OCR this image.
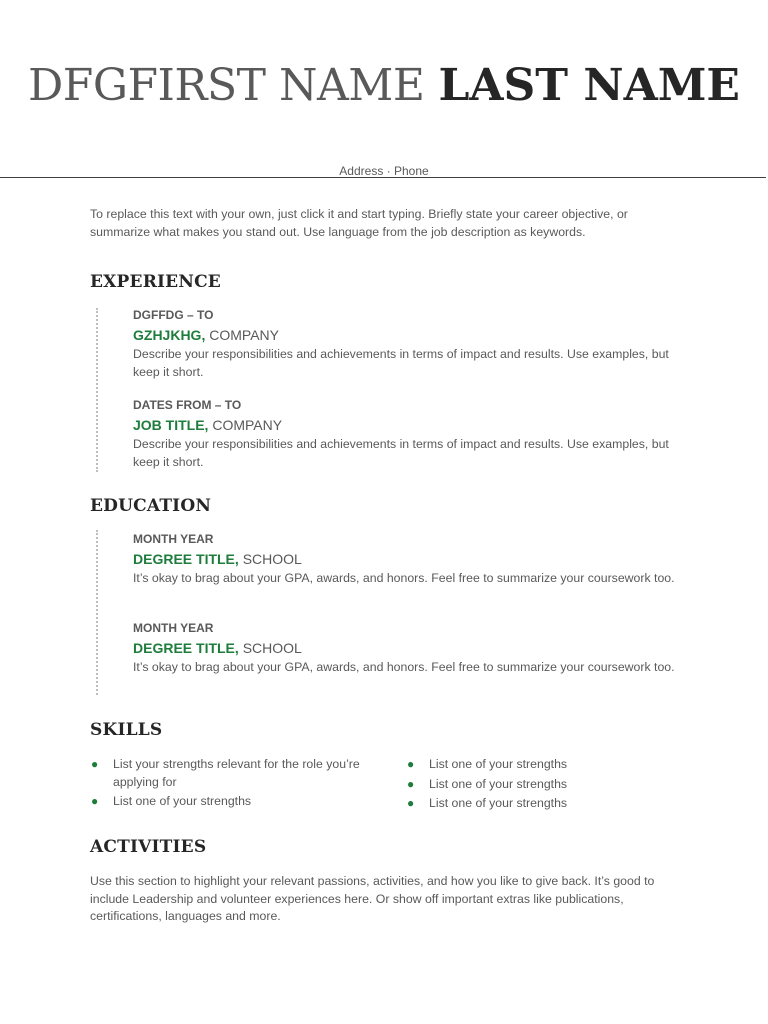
DFGFIRST NAME LAST NAME
Address · Phone
To replace this text with your own, just click it and start typing. Briefly state your career objective, or summarize what makes you stand out. Use language from the job description as keywords.
EXPERIENCE
DGFFDG – TO
GZHJKHG, COMPANY
Describe your responsibilities and achievements in terms of impact and results. Use examples, but keep it short.
DATES FROM – TO
JOB TITLE, COMPANY
Describe your responsibilities and achievements in terms of impact and results. Use examples, but keep it short.
EDUCATION
MONTH YEAR
DEGREE TITLE, SCHOOL
It’s okay to brag about your GPA, awards, and honors. Feel free to summarize your coursework too.
MONTH YEAR
DEGREE TITLE, SCHOOL
It’s okay to brag about your GPA, awards, and honors. Feel free to summarize your coursework too.
SKILLS
● List your strengths relevant for the role you’re applying for
● List one of your strengths
● List one of your strengths
● List one of your strengths
● List one of your strengths
ACTIVITIES
Use this section to highlight your relevant passions, activities, and how you like to give back. It’s good to include Leadership and volunteer experiences here. Or show off important extras like publications, certifications, languages and more.
